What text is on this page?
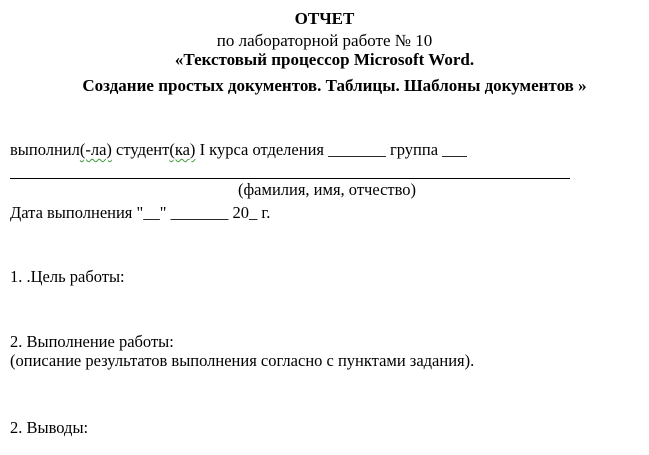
ОТЧЕТ
по лабораторной работе № 10
«Текстовый процессор Microsoft Word.
Создание простых документов. Таблицы. Шаблоны документов »
выполнил(-ла) студент(ка) I курса отделения _______ группа ___
(фамилия, имя, отчество)
Дата выполнения "__" _______ 20_ г.
1. .Цель работы:
2. Выполнение работы:
(описание результатов выполнения согласно с пунктами задания).
2. Выводы:
